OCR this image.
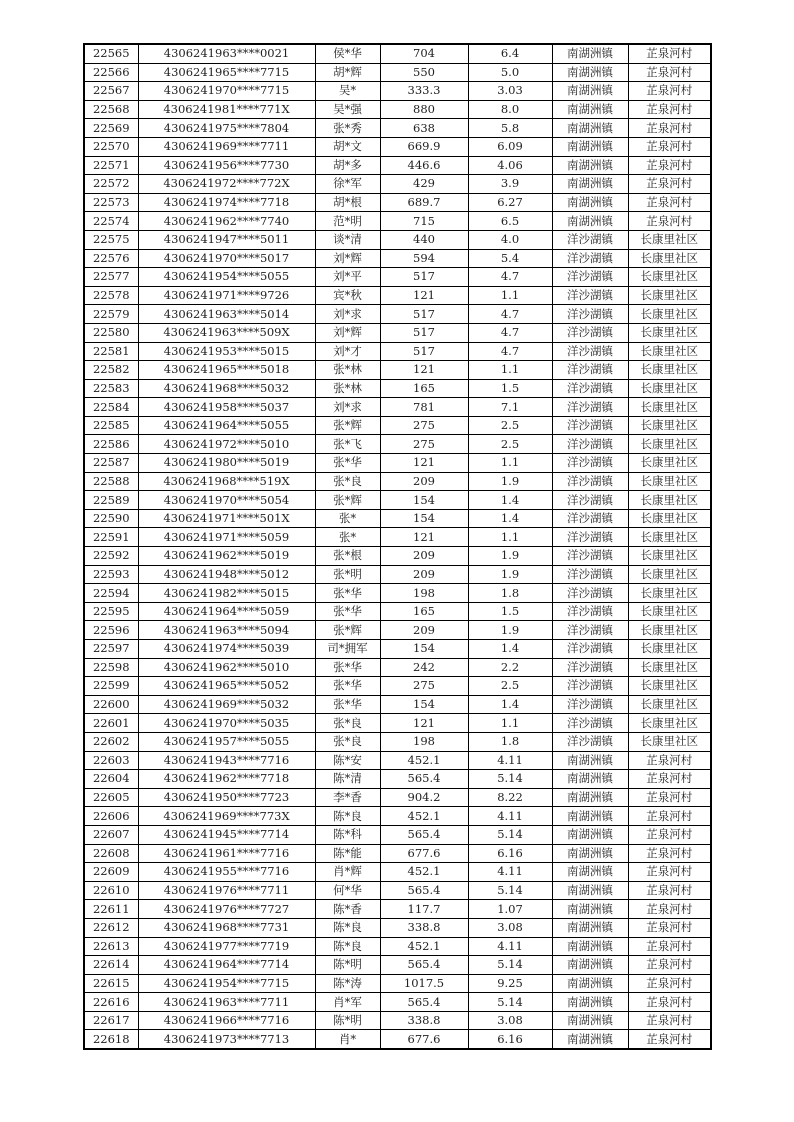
22565	4306241963****0021	侯*华	704	6.4	南湖洲镇	芷泉河村
22566	4306241965****7715	胡*辉	550	5.0	南湖洲镇	芷泉河村
22567	4306241970****7715	吴*	333.3	3.03	南湖洲镇	芷泉河村
22568	4306241981****771X	吴*强	880	8.0	南湖洲镇	芷泉河村
22569	4306241975****7804	张*秀	638	5.8	南湖洲镇	芷泉河村
22570	4306241969****7711	胡*文	669.9	6.09	南湖洲镇	芷泉河村
22571	4306241956****7730	胡*多	446.6	4.06	南湖洲镇	芷泉河村
22572	4306241972****772X	徐*军	429	3.9	南湖洲镇	芷泉河村
22573	4306241974****7718	胡*根	689.7	6.27	南湖洲镇	芷泉河村
22574	4306241962****7740	范*明	715	6.5	南湖洲镇	芷泉河村
22575	4306241947****5011	谈*清	440	4.0	洋沙湖镇	长康里社区
22576	4306241970****5017	刘*辉	594	5.4	洋沙湖镇	长康里社区
22577	4306241954****5055	刘*平	517	4.7	洋沙湖镇	长康里社区
22578	4306241971****9726	宾*秋	121	1.1	洋沙湖镇	长康里社区
22579	4306241963****5014	刘*求	517	4.7	洋沙湖镇	长康里社区
22580	4306241963****509X	刘*辉	517	4.7	洋沙湖镇	长康里社区
22581	4306241953****5015	刘*才	517	4.7	洋沙湖镇	长康里社区
22582	4306241965****5018	张*林	121	1.1	洋沙湖镇	长康里社区
22583	4306241968****5032	张*林	165	1.5	洋沙湖镇	长康里社区
22584	4306241958****5037	刘*求	781	7.1	洋沙湖镇	长康里社区
22585	4306241964****5055	张*辉	275	2.5	洋沙湖镇	长康里社区
22586	4306241972****5010	张*飞	275	2.5	洋沙湖镇	长康里社区
22587	4306241980****5019	张*华	121	1.1	洋沙湖镇	长康里社区
22588	4306241968****519X	张*良	209	1.9	洋沙湖镇	长康里社区
22589	4306241970****5054	张*辉	154	1.4	洋沙湖镇	长康里社区
22590	4306241971****501X	张*	154	1.4	洋沙湖镇	长康里社区
22591	4306241971****5059	张*	121	1.1	洋沙湖镇	长康里社区
22592	4306241962****5019	张*根	209	1.9	洋沙湖镇	长康里社区
22593	4306241948****5012	张*明	209	1.9	洋沙湖镇	长康里社区
22594	4306241982****5015	张*华	198	1.8	洋沙湖镇	长康里社区
22595	4306241964****5059	张*华	165	1.5	洋沙湖镇	长康里社区
22596	4306241963****5094	张*辉	209	1.9	洋沙湖镇	长康里社区
22597	4306241974****5039	司*拥军	154	1.4	洋沙湖镇	长康里社区
22598	4306241962****5010	张*华	242	2.2	洋沙湖镇	长康里社区
22599	4306241965****5052	张*华	275	2.5	洋沙湖镇	长康里社区
22600	4306241969****5032	张*华	154	1.4	洋沙湖镇	长康里社区
22601	4306241970****5035	张*良	121	1.1	洋沙湖镇	长康里社区
22602	4306241957****5055	张*良	198	1.8	洋沙湖镇	长康里社区
22603	4306241943****7716	陈*安	452.1	4.11	南湖洲镇	芷泉河村
22604	4306241962****7718	陈*清	565.4	5.14	南湖洲镇	芷泉河村
22605	4306241950****7723	李*香	904.2	8.22	南湖洲镇	芷泉河村
22606	4306241969****773X	陈*良	452.1	4.11	南湖洲镇	芷泉河村
22607	4306241945****7714	陈*科	565.4	5.14	南湖洲镇	芷泉河村
22608	4306241961****7716	陈*能	677.6	6.16	南湖洲镇	芷泉河村
22609	4306241955****7716	肖*辉	452.1	4.11	南湖洲镇	芷泉河村
22610	4306241976****7711	何*华	565.4	5.14	南湖洲镇	芷泉河村
22611	4306241976****7727	陈*香	117.7	1.07	南湖洲镇	芷泉河村
22612	4306241968****7731	陈*良	338.8	3.08	南湖洲镇	芷泉河村
22613	4306241977****7719	陈*良	452.1	4.11	南湖洲镇	芷泉河村
22614	4306241964****7714	陈*明	565.4	5.14	南湖洲镇	芷泉河村
22615	4306241954****7715	陈*涛	1017.5	9.25	南湖洲镇	芷泉河村
22616	4306241963****7711	肖*军	565.4	5.14	南湖洲镇	芷泉河村
22617	4306241966****7716	陈*明	338.8	3.08	南湖洲镇	芷泉河村
22618	4306241973****7713	肖*	677.6	6.16	南湖洲镇	芷泉河村
